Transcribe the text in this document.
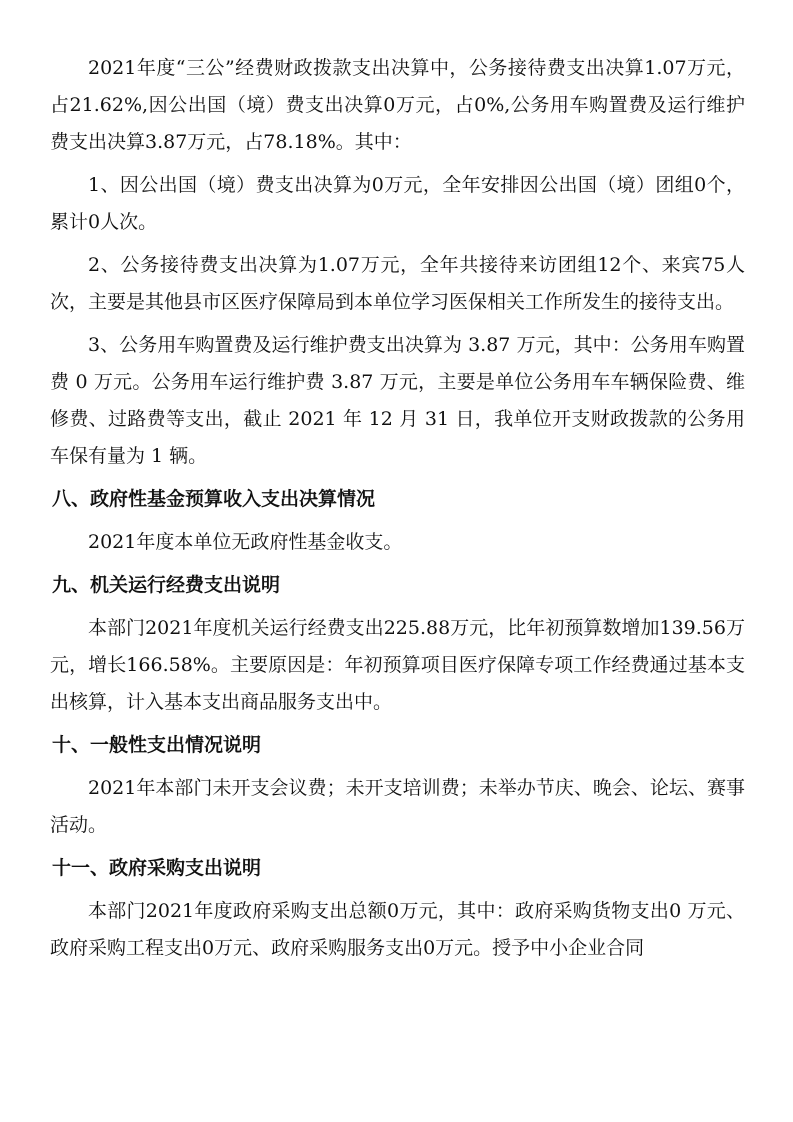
2021年度“三公”经费财政拨款支出决算中，公务接待费支出决算1.07万元，占21.62%,因公出国（境）费支出决算0万元，占0%,公务用车购置费及运行维护费支出决算3.87万元，占78.18%。其中：

1、因公出国（境）费支出决算为0万元，全年安排因公出国（境）团组0个，累计0人次。

2、公务接待费支出决算为1.07万元，全年共接待来访团组12个、来宾75人次，主要是其他县市区医疗保障局到本单位学习医保相关工作所发生的接待支出。

3、公务用车购置费及运行维护费支出决算为 3.87 万元，其中：公务用车购置费 0 万元。公务用车运行维护费 3.87 万元，主要是单位公务用车车辆保险费、维修费、过路费等支出，截止 2021 年 12 月 31 日，我单位开支财政拨款的公务用车保有量为 1 辆。

八、政府性基金预算收入支出决算情况

2021年度本单位无政府性基金收支。

九、机关运行经费支出说明

本部门2021年度机关运行经费支出225.88万元，比年初预算数增加139.56万元，增长166.58%。主要原因是：年初预算项目医疗保障专项工作经费通过基本支出核算，计入基本支出商品服务支出中。

十、一般性支出情况说明

2021年本部门未开支会议费；未开支培训费；未举办节庆、晚会、论坛、赛事活动。

十一、政府采购支出说明

本部门2021年度政府采购支出总额0万元，其中：政府采购货物支出0 万元、政府采购工程支出0万元、政府采购服务支出0万元。授予中小企业合同
